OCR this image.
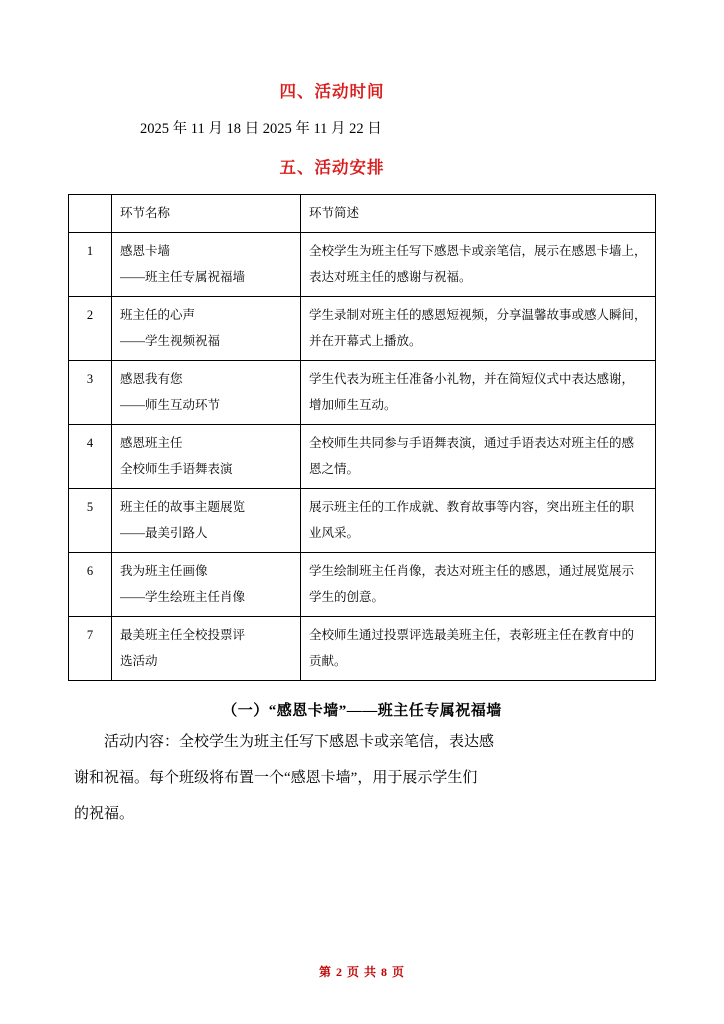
四、活动时间
2025 年 11 月 18 日 2025 年 11 月 22 日
五、活动安排
	环节名称	环节简述
1	感恩卡墙
——班主任专属祝福墙	全校学生为班主任写下感恩卡或亲笔信，展示在感恩卡墙上，
表达对班主任的感谢与祝福。

2	班主任的心声
——学生视频祝福	学生录制对班主任的感恩短视频，分享温馨故事或感人瞬间，
并在开幕式上播放。

3	感恩我有您
——师生互动环节	学生代表为班主任准备小礼物，并在简短仪式中表达感谢，
增加师生互动。

4	感恩班主任
全校师生手语舞表演	全校师生共同参与手语舞表演，通过手语表达对班主任的感
恩之情。

5	班主任的故事主题展览
——最美引路人	展示班主任的工作成就、教育故事等内容，突出班主任的职
业风采。

6	我为班主任画像
——学生绘班主任肖像	学生绘制班主任肖像，表达对班主任的感恩，通过展览展示
学生的创意。

7	最美班主任全校投票评
选活动	全校师生通过投票评选最美班主任，表彰班主任在教育中的
贡献。
（一）“感恩卡墙”——班主任专属祝福墙
活动内容：全校学生为班主任写下感恩卡或亲笔信，表达感
谢和祝福。每个班级将布置一个“感恩卡墙”，用于展示学生们
的祝福。
第 2 页 共 8 页
